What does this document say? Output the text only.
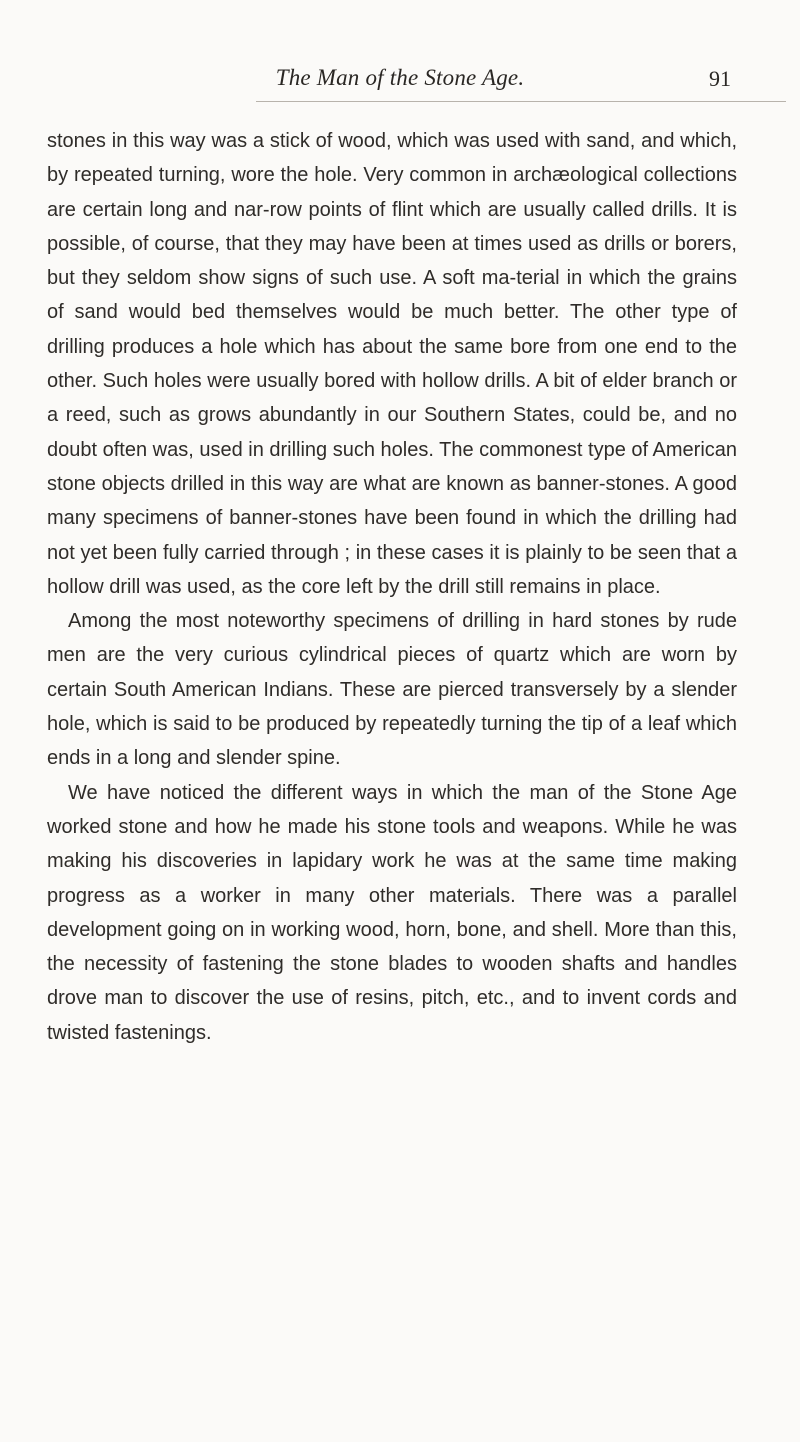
The Man of the Stone Age.	91

stones in this way was a stick of wood, which was used with sand, and which, by repeated turning, wore the hole. Very common in archæological collections are certain long and nar-row points of flint which are usually called drills. It is possible, of course, that they may have been at times used as drills or borers, but they seldom show signs of such use. A soft ma-terial in which the grains of sand would bed themselves would be much better. The other type of drilling produces a hole which has about the same bore from one end to the other. Such holes were usually bored with hollow drills. A bit of elder branch or a reed, such as grows abundantly in our Southern States, could be, and no doubt often was, used in drilling such holes. The commonest type of American stone objects drilled in this way are what are known as banner-stones. A good many specimens of banner-stones have been found in which the drilling had not yet been fully carried through ; in these cases it is plainly to be seen that a hollow drill was used, as the core left by the drill still remains in place.

Among the most noteworthy specimens of drilling in hard stones by rude men are the very curious cylindrical pieces of quartz which are worn by certain South American Indians. These are pierced transversely by a slender hole, which is said to be produced by repeatedly turning the tip of a leaf which ends in a long and slender spine.

We have noticed the different ways in which the man of the Stone Age worked stone and how he made his stone tools and weapons. While he was making his discoveries in lapidary work he was at the same time making progress as a worker in many other materials. There was a parallel development going on in working wood, horn, bone, and shell. More than this, the necessity of fastening the stone blades to wooden shafts and handles drove man to discover the use of resins, pitch, etc., and to invent cords and twisted fastenings.
